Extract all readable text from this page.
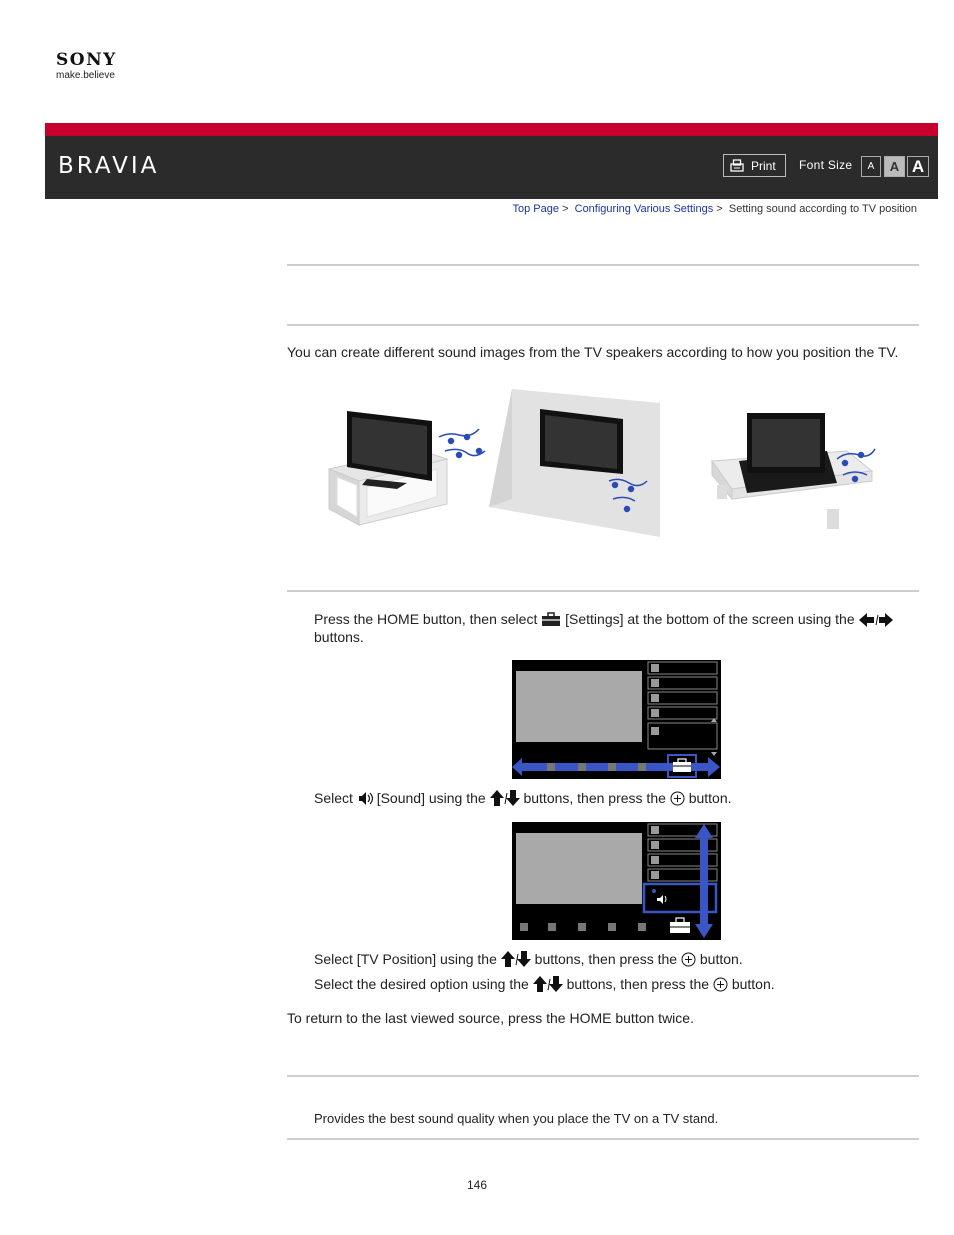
SONY
make.believe
BRAVIA	Print Font Size	A	A A
Top Page > Configuring Various Settings > Setting sound according to TV position
You can create different sound images from the TV speakers according to how you position the TV.
Press the HOME button, then select [Settings] at the bottom of the screen using the  buttons.
Select [Sound] using the	buttons, then press the button.
Select [TV Position] using the	buttons, then press the button.
Select the desired option using the	buttons, then press the button.
To return to the last viewed source, press the HOME button twice.
Provides the best sound quality when you place the TV on a TV stand.
146
